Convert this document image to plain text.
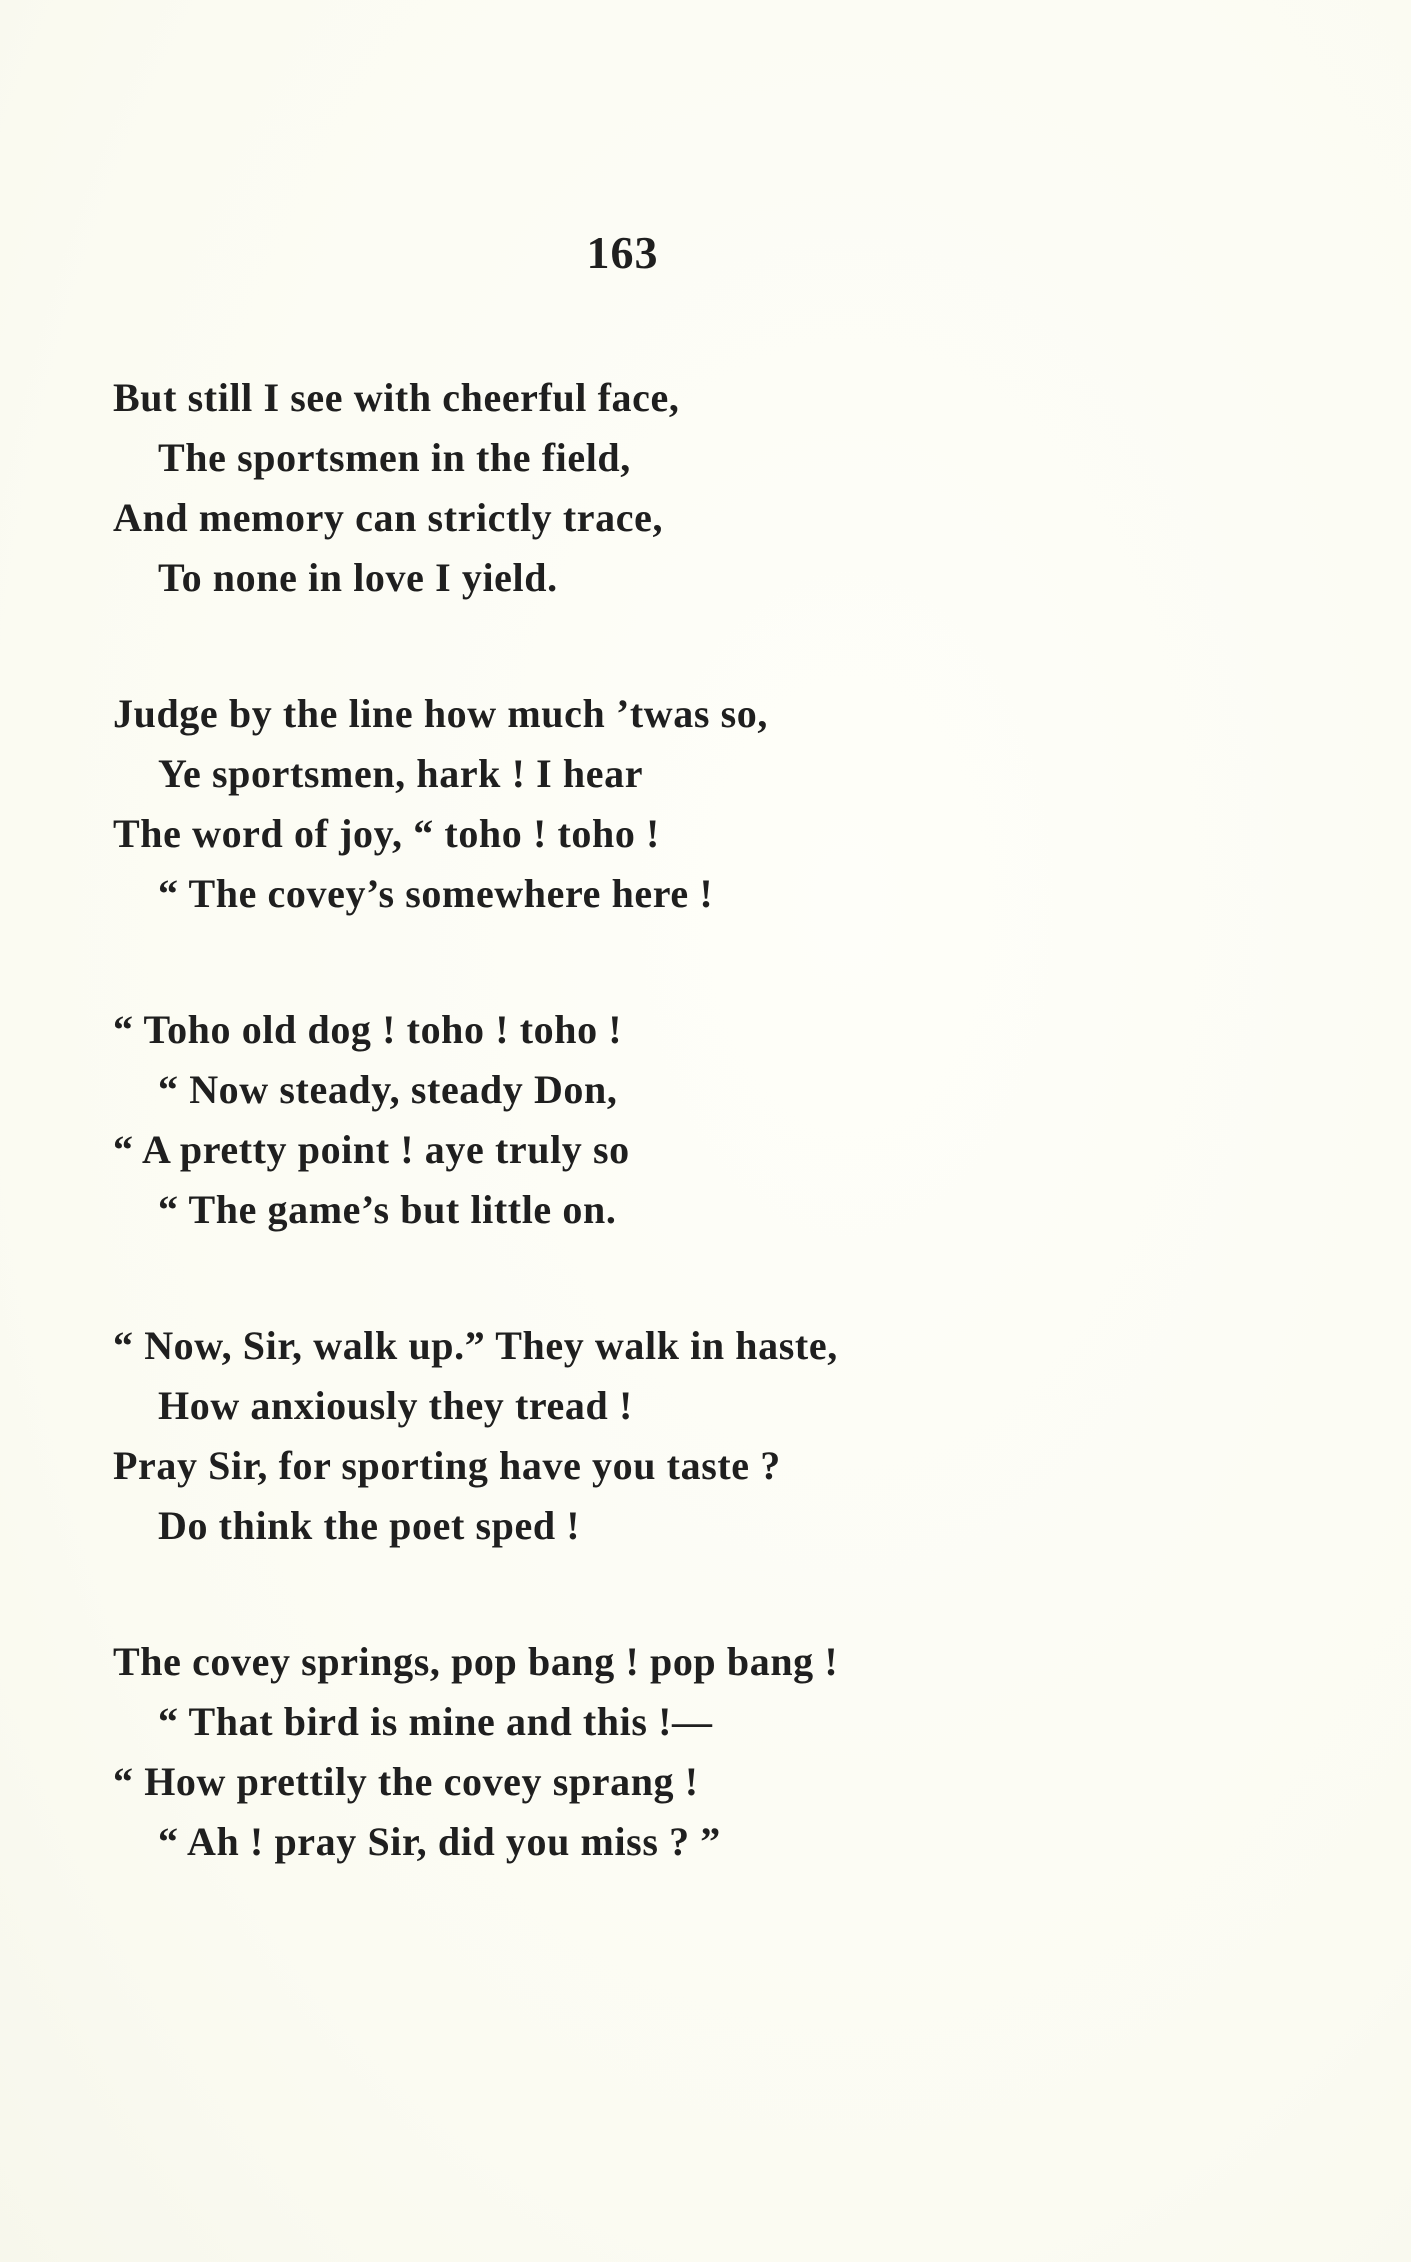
163
But still I see with cheerful face,
The sportsmen in the field,
And memory can strictly trace,
To none in love I yield.
Judge by the line how much ’twas so,
Ye sportsmen, hark ! I hear
The word of joy, “ toho ! toho !
“ The covey’s somewhere here !
“ Toho old dog ! toho ! toho !
“ Now steady, steady Don,
“ A pretty point ! aye truly so
“ The game’s but little on.
“ Now, Sir, walk up.” They walk in haste,
How anxiously they tread !
Pray Sir, for sporting have you taste ?
Do think the poet sped !
The covey springs, pop bang ! pop bang !
“ That bird is mine and this !—
“ How prettily the covey sprang !
“ Ah ! pray Sir, did you miss ? ”
